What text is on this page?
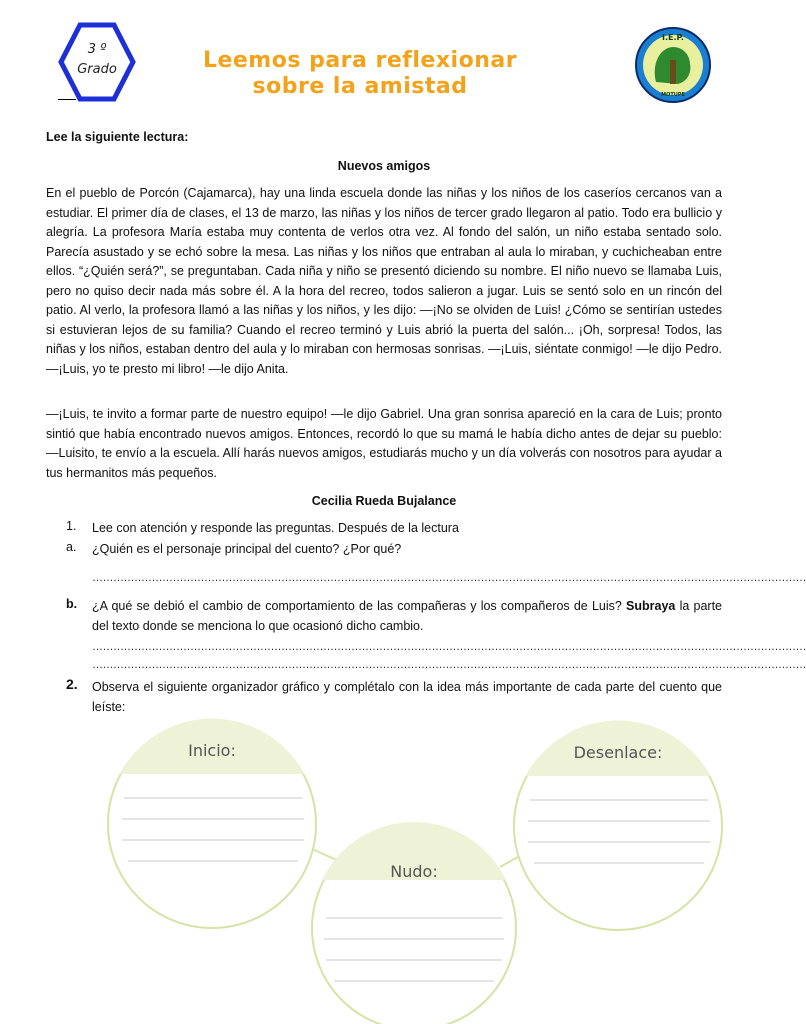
3 º
Grado	Leemos para reflexionar
sobre la amistad
I.E.P.
MOTUPE
Lee la siguiente lectura:
Nuevos amigos
En el pueblo de Porcón (Cajamarca), hay una linda escuela donde las niñas y los niños de los caseríos cercanos van a estudiar. El primer día de clases, el 13 de marzo, las niñas y los niños de tercer grado llegaron al patio. Todo era bullicio y alegría. La profesora María estaba muy contenta de verlos otra vez. Al fondo del salón, un niño estaba sentado solo. Parecía asustado y se echó sobre la mesa. Las niñas y los niños que entraban al aula lo miraban, y cuchicheaban entre ellos. “¿Quién será?”, se preguntaban. Cada niña y niño se presentó diciendo su nombre. El niño nuevo se llamaba Luis, pero no quiso decir nada más sobre él. A la hora del recreo, todos salieron a jugar. Luis se sentó solo en un rincón del patio. Al verlo, la profesora llamó a las niñas y los niños, y les dijo: —¡No se olviden de Luis! ¿Cómo se sentirían ustedes si estuvieran lejos de su familia? Cuando el recreo terminó y Luis abrió la puerta del salón... ¡Oh, sorpresa! Todos, las niñas y los niños, estaban dentro del aula y lo miraban con hermosas sonrisas. —¡Luis, siéntate conmigo! —le dijo Pedro. —¡Luis, yo te presto mi libro! —le dijo Anita.
—¡Luis, te invito a formar parte de nuestro equipo! —le dijo Gabriel. Una gran sonrisa apareció en la cara de Luis; pronto sintió que había encontrado nuevos amigos. Entonces, recordó lo que su mamá le había dicho antes de dejar su pueblo: —Luisito, te envío a la escuela. Allí harás nuevos amigos, estudiarás mucho y un día volverás con nosotros para ayudar a tus hermanitos más pequeños.
Cecilia Rueda Bujalance
1. Lee con atención y responde las preguntas. Después de la lectura
a. ¿Quién es el personaje principal del cuento? ¿Por qué?
……………………………………………………………………………………………………………………………………………………………………………………
b. ¿A qué se debió el cambio de comportamiento de las compañeras y los compañeros de Luis? Subraya la parte del texto donde se menciona lo que ocasionó dicho cambio.
……………………………………………………………………………………………………………………………………………………………………………………
……………………………………………………………………………………………………………………………………………………………………………………
2. Observa el siguiente organizador gráfico y complétalo con la idea más importante de cada parte del cuento que leíste:
Inicio:	Desenlace:
Nudo:
